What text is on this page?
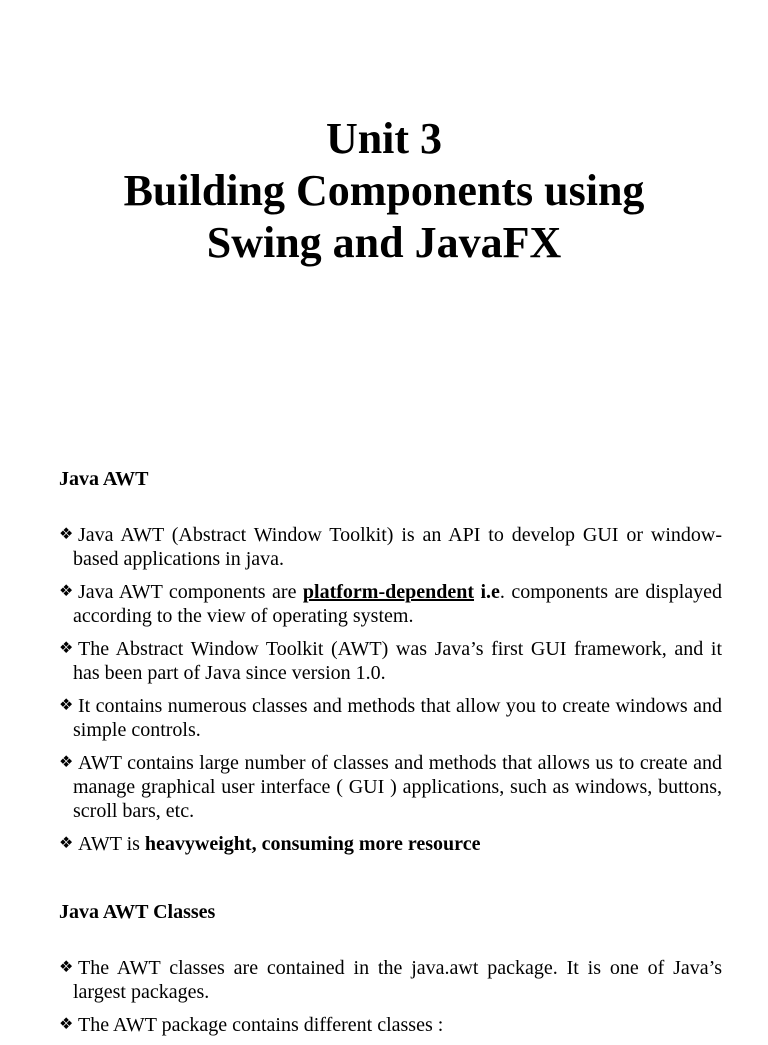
Unit 3
Building Components using
Swing and JavaFX
Java AWT
❖ Java AWT (Abstract Window Toolkit) is an API to develop GUI or window-based applications in java.
❖ Java AWT components are platform-dependent i.e. components are displayed according to the view of operating system.
❖ The Abstract Window Toolkit (AWT) was Java’s first GUI framework, and it has been part of Java since version 1.0.
❖ It contains numerous classes and methods that allow you to create windows and simple controls.
❖ AWT contains large number of classes and methods that allows us to create and manage graphical user interface ( GUI ) applications, such as windows, buttons, scroll bars, etc.
❖ AWT is heavyweight, consuming more resource
Java AWT Classes
❖ The AWT classes are contained in the java.awt package. It is one of Java’s largest packages.
❖ The AWT package contains different classes :
